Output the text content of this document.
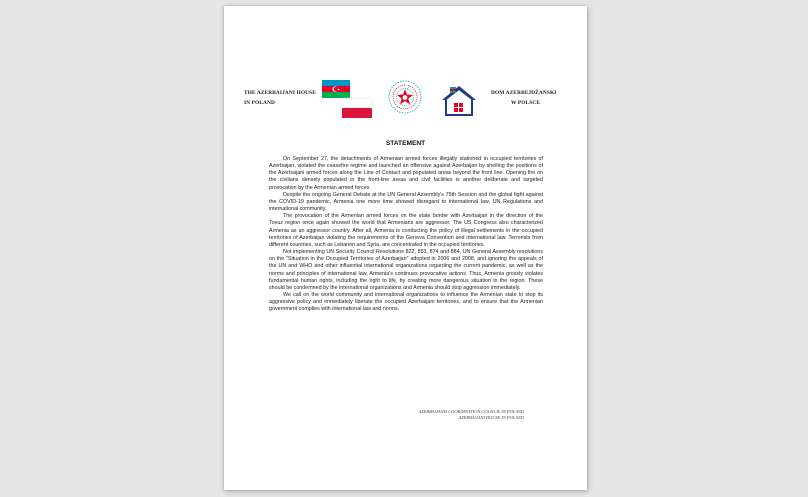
THE AZERBAIJANI HOUSE
IN POLAND
DOM AZERBEJDŽAŃSKI
W POLSCE
STATEMENT

On September 27, the detachments of Armenian armed forces illegally stationed in occupied territories of Azerbaijan, violated the ceasefire regime and launched an offensive against Azerbaijan by shelling the positions of the Azerbaijani armed forces along the Line of Contact and populated areas beyond the front line. Opening fire on the civilians densely populated in the front-line areas and civil facilities is another deliberate and targeted provocation by the Armenian armed forces

Despite the ongoing General Debate at the UN General Assembly's 75th Session and the global fight against the COVID-19 pandemic, Armenia one more time showed disregard to international law, UN Regulations and international community.

The provocation of the Armenian armed forces on the state border with Azerbaijan in the direction of the Tovuz region once again showed the world that Armenians are aggressor. The US Congress also characterized Armenia as an aggressor country. After all, Armenia is conducting the policy of illegal settlements in the occupied territories of Azerbaijan violating the requirements of the Geneva Convention and international law. Terrorists from different countries, such as Lebanon and Syria, are concentrated in the occupied territories.

Not implementing UN Security Council Resolutions 822, 853, 874 and 884, UN General Assembly resolutions on the "Situation in the Occupied Territories of Azerbaijan" adopted in 2006 and 2008, and ignoring the appeals of the UN and WHO and other influential international organizations regarding the current pandemic, as well as the norms and principles of international law, Armenia's continues provocative actions. Thus, Armenia grossly violates fundamental human rights, including the right to life, by creating more dangerous situation in the region. These should be condemned by the international organizations and Armenia should stop aggression immediately.

We call on the world community and international organizations to influence the Armenian state to stop its aggressive policy and immediately liberate the occupied Azerbaijani territories, and to ensure that the Armenian government complies with international law and norms.

AZERBAIJANIS COORDINATION COUNCIL IN POLAND
AZERBAIJANI HOUSE IN POLAND
